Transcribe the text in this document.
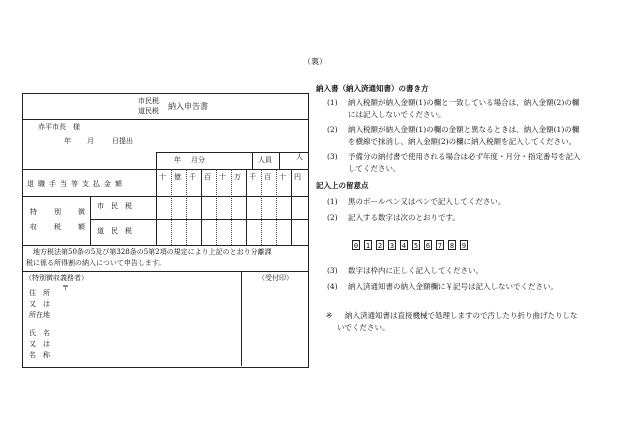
（裏）
市民税
道民税 納入申告書
赤平市長　様
年 月	日提出
年 月分	人員	人
退職手当等支払金額
十 億 千 百 十 万 千 百 十 円
特 別 徴
収 税 額
市　民　税
道　民　税
地方税法第50条の5及び第328条の5第2項の規定により上記のとおり分離課
税に係る所得割の納入について申告します。
（特別徴収義務者）	（受付印）
〒
住　所
又　は
所在地
氏　名
又　は
名　称
納入書（納入済通知書）の書き方
(1) 納入税額が納入金額(1)の欄と一致している場合は、納入金額(2)の欄
には記入しないでください。
(2) 納入税額が納入金額(1)の欄の金額と異なるときは、納入金額(1)の欄
を横線で抹消し、納入金額(2)の欄に納入税額を記入してください。
(3) 予備分の納付書で使用される場合は必ず年度・月分・指定番号を記入
してください。
記入上の留意点
(1) 黒のボールペン又はペンで記入してください。
(2) 記入する数字は次のとおりです。
0 1 2 3 4 5 6 7 8 9
(3) 数字は枠内に正しく記入してください。
(4) 納入済通知書の納入金額欄に￥記号は記入しないでください。
※ 納入済通知書は直接機械で処理しますので汚したり折り曲げたりしな
いでください。
